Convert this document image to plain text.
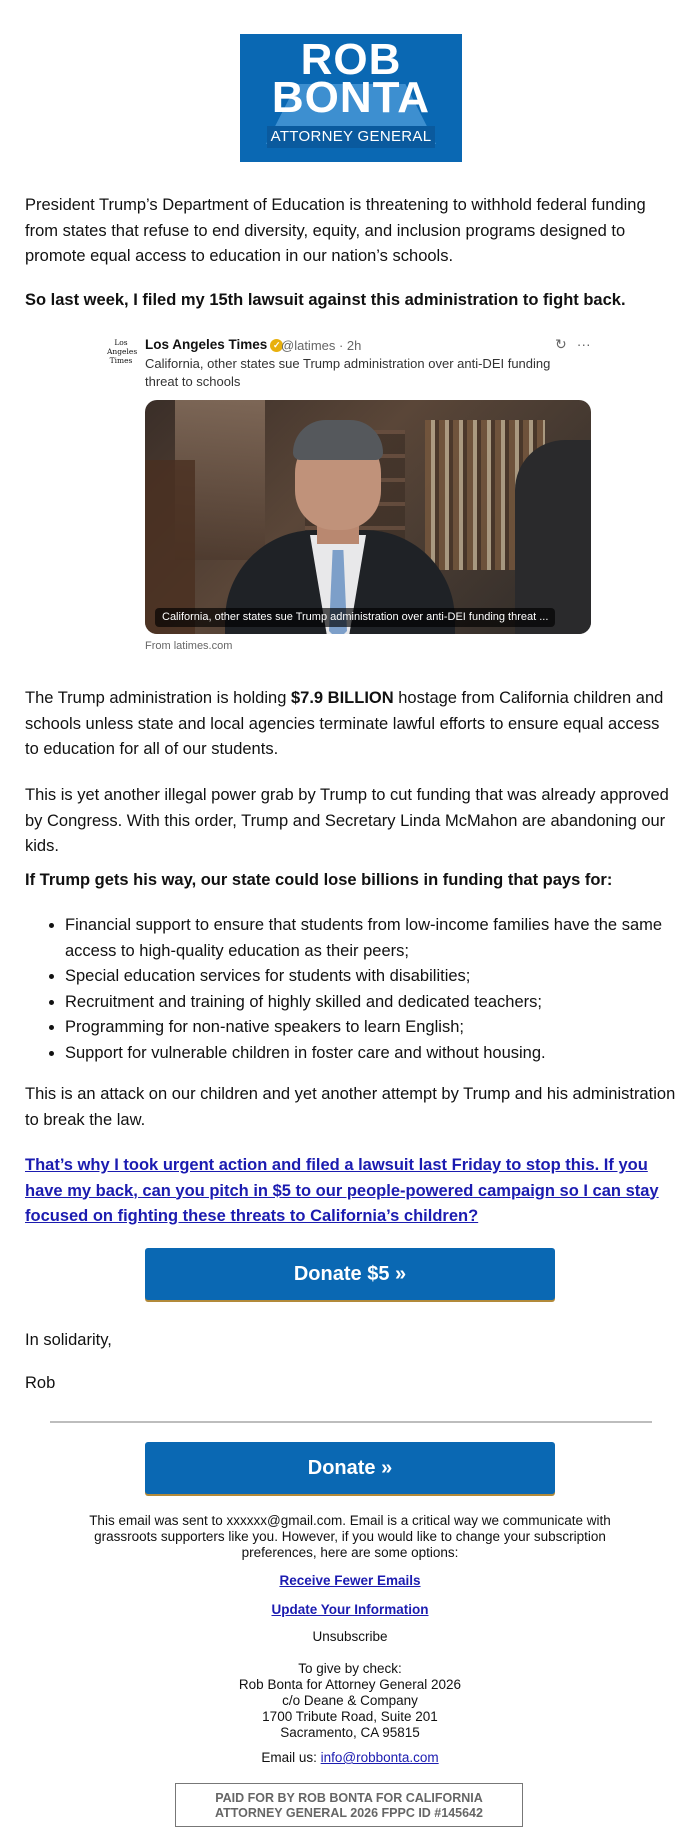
ROB
BONTA
ATTORNEY GENERAL
President Trump’s Department of Education is threatening to withhold federal funding from states that refuse to end diversity, equity, and inclusion programs designed to promote equal access to education in our nation’s schools.
So last week, I filed my 15th lawsuit against this administration to fight back.
Los Angeles Times
Los Angeles Times ✓ @latimes · 2h	↻ ···
California, other states sue Trump administration over anti-DEI funding threat to schools
California, other states sue Trump administration over anti-DEI funding threat ...
From latimes.com
The Trump administration is holding $7.9 BILLION hostage from California children and schools unless state and local agencies terminate lawful efforts to ensure equal access to education for all of our students.
This is yet another illegal power grab by Trump to cut funding that was already approved by Congress. With this order, Trump and Secretary Linda McMahon are abandoning our kids.
If Trump gets his way, our state could lose billions in funding that pays for:
• Financial support to ensure that students from low-income families have the same access to high-quality education as their peers;
• Special education services for students with disabilities;
• Recruitment and training of highly skilled and dedicated teachers;
• Programming for non-native speakers to learn English;
• Support for vulnerable children in foster care and without housing.
This is an attack on our children and yet another attempt by Trump and his administration to break the law.
That’s why I took urgent action and filed a lawsuit last Friday to stop this. If you have my back, can you pitch in $5 to our people-powered campaign so I can stay focused on fighting these threats to California’s children?
Donate $5 »
In solidarity,
Rob
Donate »
This email was sent to xxxxxx@gmail.com. Email is a critical way we communicate with grassroots supporters like you. However, if you would like to change your subscription preferences, here are some options:
Receive Fewer Emails
Update Your Information
Unsubscribe
To give by check:
Rob Bonta for Attorney General 2026
c/o Deane & Company
1700 Tribute Road, Suite 201
Sacramento, CA 95815
Email us: info@robbonta.com
PAID FOR BY ROB BONTA FOR CALIFORNIA
ATTORNEY GENERAL 2026 FPPC ID #145642
